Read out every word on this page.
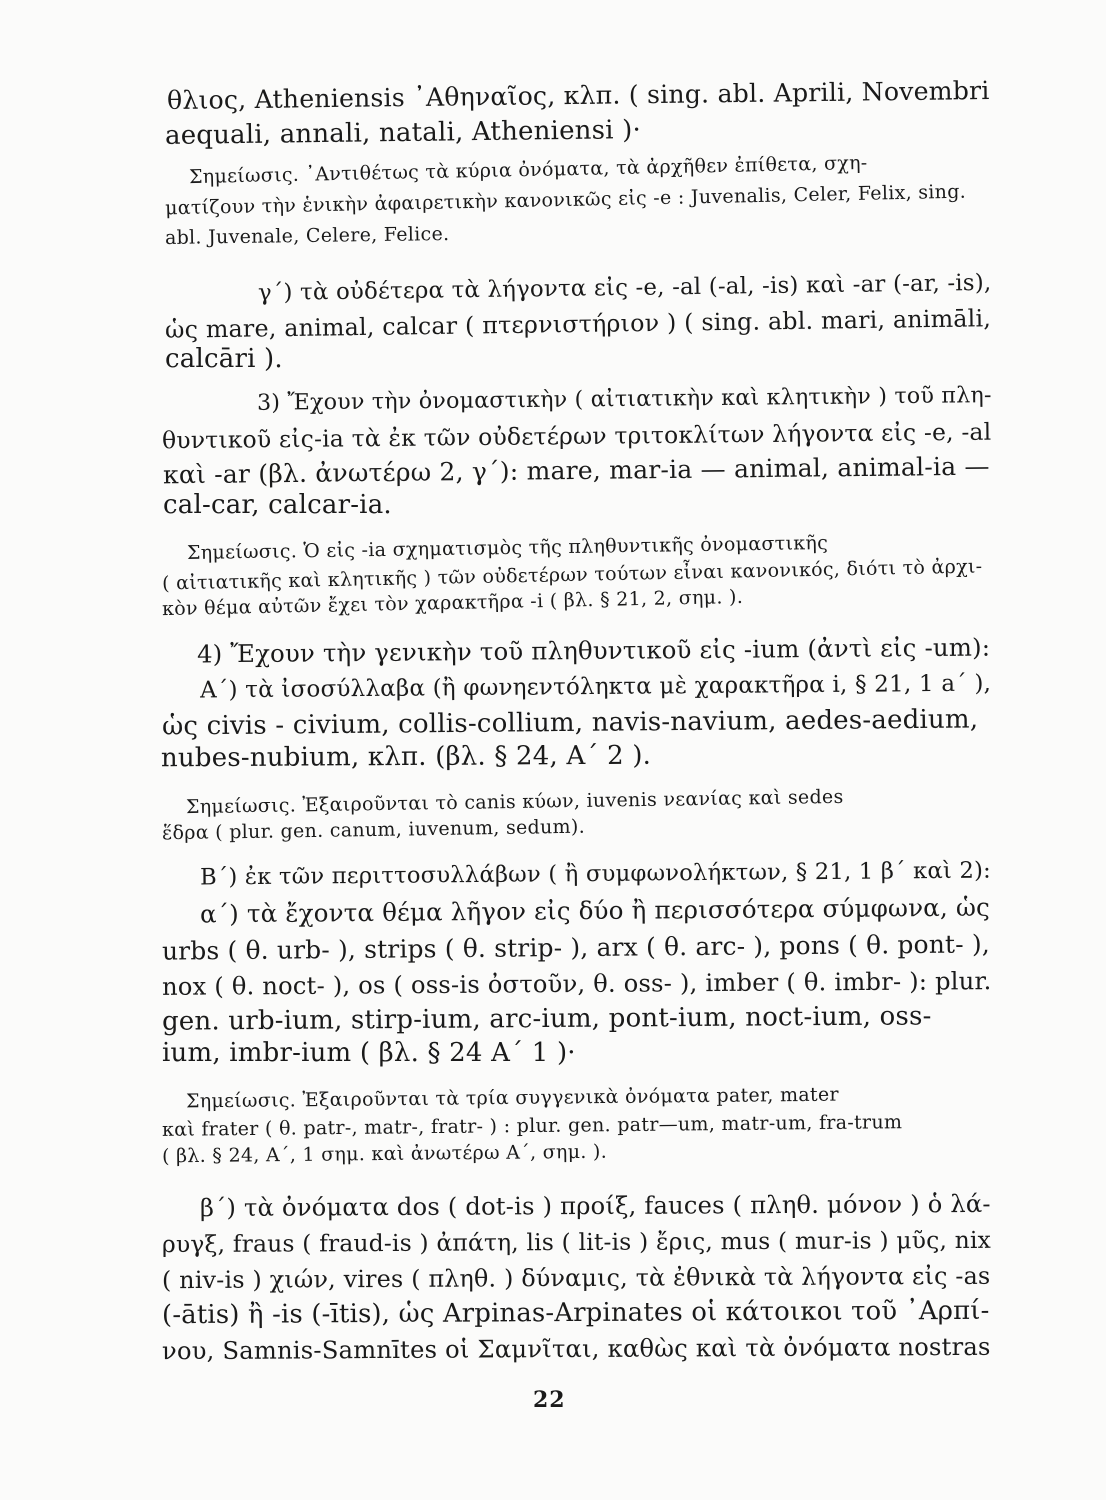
θλιος, Atheniensis ᾿Αθηναῖος, κλπ. ( sing. abl. Aprili, Novembri
aequali, annali, natali, Atheniensi )·
Σημείωσις. ᾿Αντιθέτως τὰ κύρια ὀνόματα, τὰ ἀρχῆθεν ἐπίθετα, σχη-
ματίζουν τὴν ἑνικὴν ἀφαιρετικὴν κανονικῶς εἰς -e : Juvenalis, Celer, Felix, sing.
abl. Juvenale, Celere, Felice.
γ΄) τὰ οὐδέτερα τὰ λήγοντα εἰς -e, -al (-al, -is) καὶ -ar (-ar, -is),
ὡς mare, animal, calcar ( πτερνιστήριον ) ( sing. abl. mari, animāli,
calcāri ).
3) Ἔχουν τὴν ὀνομαστικὴν ( αἰτιατικὴν καὶ κλητικὴν ) τοῦ πλη-
θυντικοῦ εἰς-ia τὰ ἐκ τῶν οὐδετέρων τριτοκλίτων λήγοντα εἰς -e, -al
καὶ -ar (βλ. ἀνωτέρω 2, γ΄): mare, mar-ia — animal, animal-ia —
cal-car, calcar-ia.
Σημείωσις. Ὁ εἰς -ia σχηματισμὸς τῆς πληθυντικῆς ὀνομαστικῆς
( αἰτιατικῆς καὶ κλητικῆς ) τῶν οὐδετέρων τούτων εἶναι κανονικός, διότι τὸ ἀρχι-
κὸν θέμα αὐτῶν ἔχει τὸν χαρακτῆρα -i ( βλ. § 21, 2, σημ. ).
4) Ἔχουν τὴν γενικὴν τοῦ πληθυντικοῦ εἰς -ium (ἀντὶ εἰς -um):
Α΄) τὰ ἰσοσύλλαβα (ἢ φωνηεντόληκτα μὲ χαρακτῆρα i, § 21, 1 a΄ ),
ὡς civis - civium, collis-collium, navis-navium, aedes-aedium,
nubes-nubium, κλπ. (βλ. § 24, Α΄ 2 ).
Σημείωσις. Ἐξαιροῦνται τὸ canis κύων, iuvenis νεανίας καὶ sedes
ἕδρα ( plur. gen. canum, iuvenum, sedum).
Β΄) ἐκ τῶν περιττοσυλλάβων ( ἢ συμφωνολήκτων, § 21, 1 β΄ καὶ 2):
α΄) τὰ ἔχοντα θέμα λῆγον εἰς δύο ἢ περισσότερα σύμφωνα, ὡς
urbs ( θ. urb- ), strips ( θ. strip- ), arx ( θ. arc- ), pons ( θ. pont- ),
nox ( θ. noct- ), os ( oss-is ὀστοῦν, θ. oss- ), imber ( θ. imbr- ): plur.
gen. urb-ium, stirp-ium, arc-ium, pont-ium, noct-ium, oss-
ium, imbr-ium ( βλ. § 24 Α΄ 1 )·
Σημείωσις. Ἐξαιροῦνται τὰ τρία συγγενικὰ ὀνόματα pater, mater
καὶ frater ( θ. patr-, matr-, fratr- ) : plur. gen. patr—um, matr-um, fra-trum
( βλ. § 24, Α΄, 1 σημ. καὶ ἀνωτέρω Α΄, σημ. ).
β΄) τὰ ὀνόματα dos ( dot-is ) προίξ, fauces ( πληθ. μόνον ) ὁ λά-
ρυγξ, fraus ( fraud-is ) ἀπάτη, lis ( lit-is ) ἔρις, mus ( mur-is ) μῦς, nix
( niv-is ) χιών, vires ( πληθ. ) δύναμις, τὰ ἐθνικὰ τὰ λήγοντα εἰς -as
(-ātis) ἢ -is (-ītis), ὡς Arpinas-Arpinates οἱ κάτοικοι τοῦ ᾿Αρπί-
νου, Samnis-Samnītes οἱ Σαμνῖται, καθὼς καὶ τὰ ὀνόματα nostras
22
